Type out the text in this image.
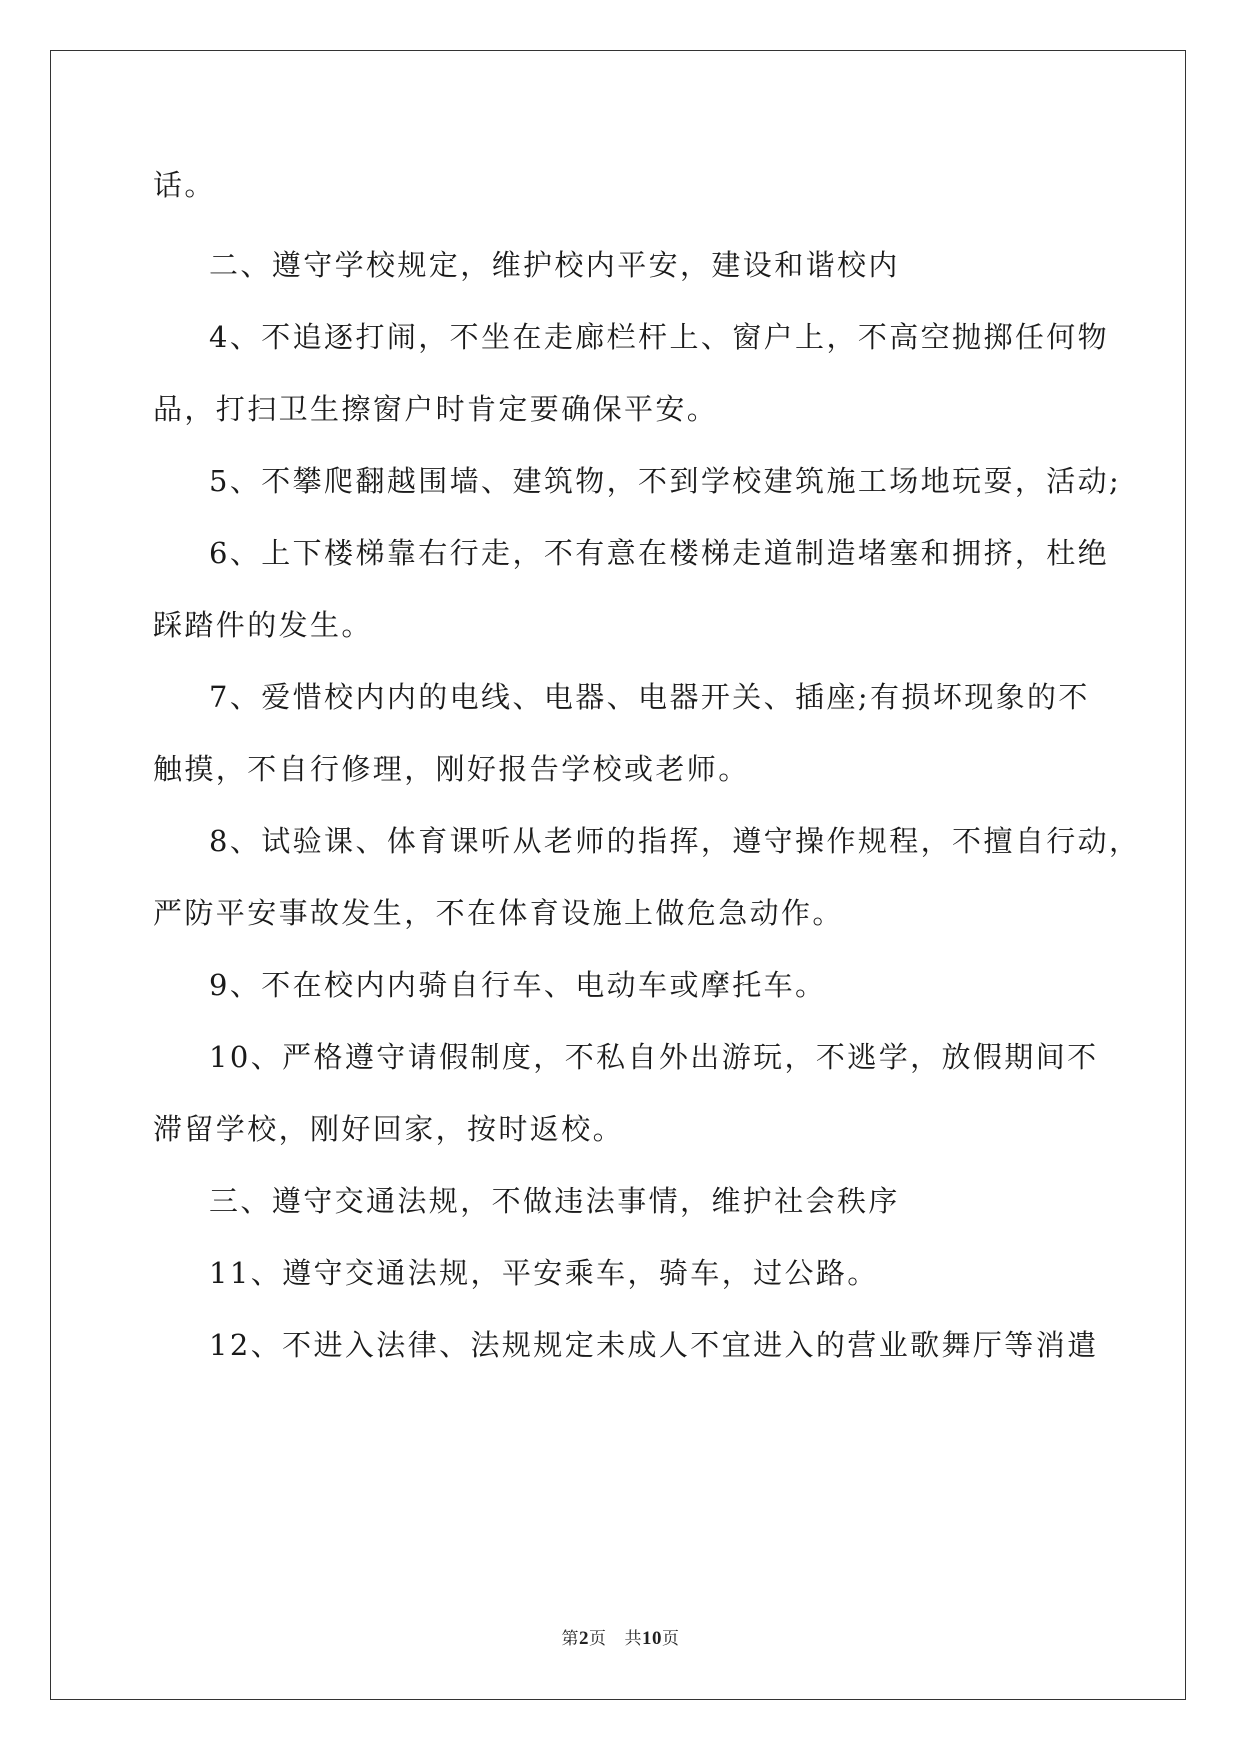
话。
二、遵守学校规定，维护校内平安，建设和谐校内
4、不追逐打闹，不坐在走廊栏杆上、窗户上，不高空抛掷任何物
品，打扫卫生擦窗户时肯定要确保平安。
5、不攀爬翻越围墙、建筑物，不到学校建筑施工场地玩耍，活动;
6、上下楼梯靠右行走，不有意在楼梯走道制造堵塞和拥挤，杜绝
踩踏件的发生。
7、爱惜校内内的电线、电器、电器开关、插座;有损坏现象的不
触摸，不自行修理，刚好报告学校或老师。
8、试验课、体育课听从老师的指挥，遵守操作规程，不擅自行动，
严防平安事故发生，不在体育设施上做危急动作。
9、不在校内内骑自行车、电动车或摩托车。
10、严格遵守请假制度，不私自外出游玩，不逃学，放假期间不
滞留学校，刚好回家，按时返校。
三、遵守交通法规，不做违法事情，维护社会秩序
11、遵守交通法规，平安乘车，骑车，过公路。
12、不进入法律、法规规定未成人不宜进入的营业歌舞厅等消遣
第2页 共10页
